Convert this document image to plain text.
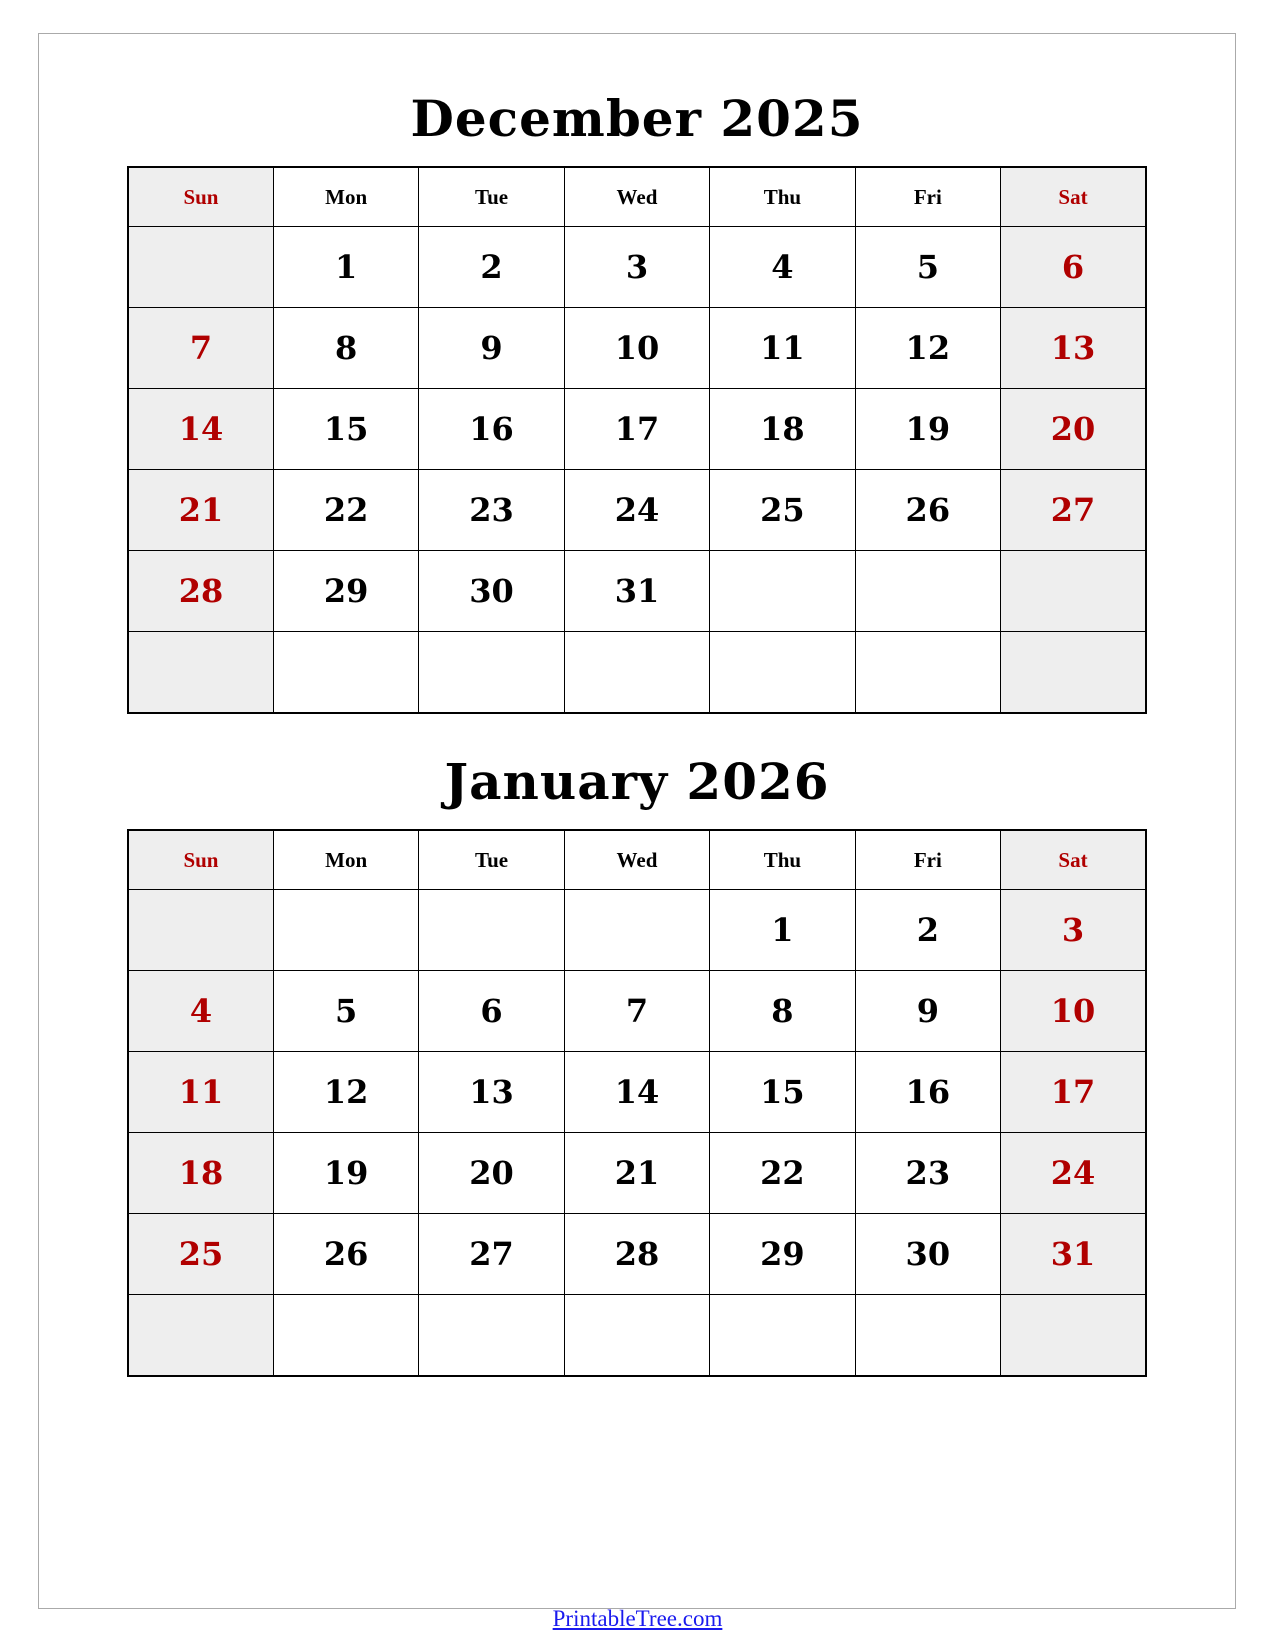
December 2025
Sun	Mon	Tue	Wed	Thu	Fri	Sat
	1	2	3	4	5	6
7	8	9	10	11	12	13
14	15	16	17	18	19	20
21	22	23	24	25	26	27
28	29	30	31			

January 2026
Sun	Mon	Tue	Wed	Thu	Fri	Sat
				1	2	3
4	5	6	7	8	9	10
11	12	13	14	15	16	17
18	19	20	21	22	23	24
25	26	27	28	29	30	31

PrintableTree.com
